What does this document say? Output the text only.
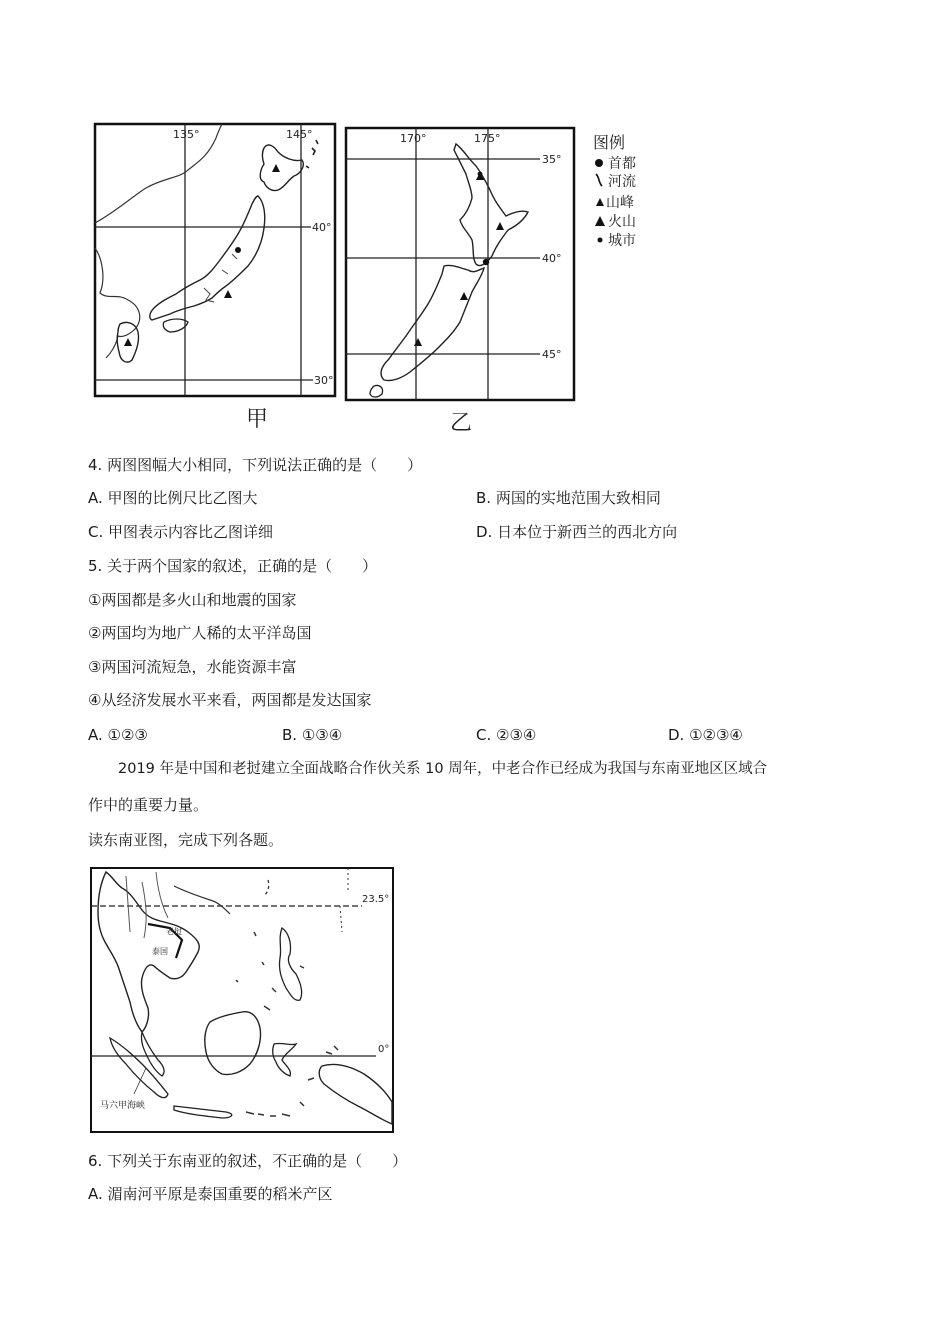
135°	145°
40°
30°
甲
170°	175°
35°
40°
45°
乙
图例
首都
河流
山峰
火山
城市
4. 两图图幅大小相同，下列说法正确的是（　　）
A. 甲图的比例尺比乙图大	B. 两国的实地范围大致相同
C. 甲图表示内容比乙图详细	D. 日本位于新西兰的西北方向
5. 关于两个国家的叙述，正确的是（　　）
①两国都是多火山和地震的国家
②两国均为地广人稀的太平洋岛国
③两国河流短急，水能资源丰富
④从经济发展水平来看，两国都是发达国家
A. ①②③	B. ①③④	C. ②③④	D. ①②③④
2019 年是中国和老挝建立全面战略合作伙关系 10 周年，中老合作已经成为我国与东南亚地区区域合
作中的重要力量。
读东南亚图，完成下列各题。
23.5°
0°
老挝
泰国
马六甲海峡
6. 下列关于东南亚的叙述，不正确的是（　　）
A. 湄南河平原是泰国重要的稻米产区
